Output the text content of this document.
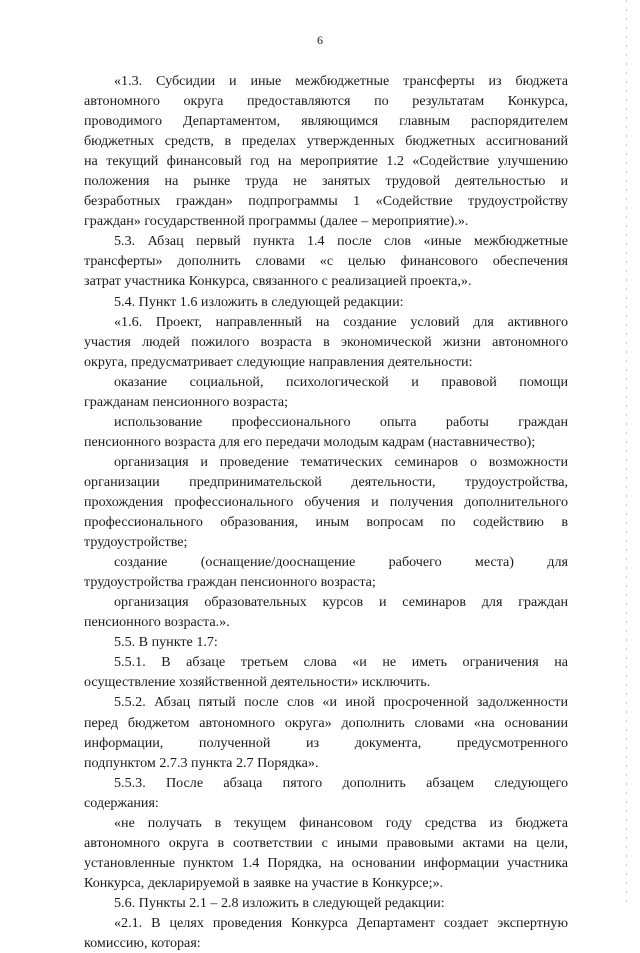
6
«1.3. Субсидии и иные межбюджетные трансферты из бюджета
автономного округа предоставляются по результатам Конкурса,
проводимого Департаментом, являющимся главным распорядителем
бюджетных средств, в пределах утвержденных бюджетных ассигнований
на текущий финансовый год на мероприятие 1.2 «Содействие улучшению
положения на рынке труда не занятых трудовой деятельностью и
безработных граждан» подпрограммы 1 «Содействие трудоустройству
граждан» государственной программы (далее – мероприятие).».
5.3. Абзац первый пункта 1.4 после слов «иные межбюджетные
трансферты» дополнить словами «с целью финансового обеспечения
затрат участника Конкурса, связанного с реализацией проекта,».
5.4. Пункт 1.6 изложить в следующей редакции:
«1.6. Проект, направленный на создание условий для активного
участия людей пожилого возраста в экономической жизни автономного
округа, предусматривает следующие направления деятельности:
оказание социальной, психологической и правовой помощи
гражданам пенсионного возраста;
использование профессионального опыта работы граждан
пенсионного возраста для его передачи молодым кадрам (наставничество);
организация и проведение тематических семинаров о возможности
организации предпринимательской деятельности, трудоустройства,
прохождения профессионального обучения и получения дополнительного
профессионального образования, иным вопросам по содействию в
трудоустройстве;
создание (оснащение/дооснащение рабочего места) для
трудоустройства граждан пенсионного возраста;
организация образовательных курсов и семинаров для граждан
пенсионного возраста.».
5.5. В пункте 1.7:
5.5.1. В абзаце третьем слова «и не иметь ограничения на
осуществление хозяйственной деятельности» исключить.
5.5.2. Абзац пятый после слов «и иной просроченной задолженности
перед бюджетом автономного округа» дополнить словами «на основании
информации, полученной из документа, предусмотренного
подпунктом 2.7.3 пункта 2.7 Порядка».
5.5.3. После абзаца пятого дополнить абзацем следующего
содержания:
«не получать в текущем финансовом году средства из бюджета
автономного округа в соответствии с иными правовыми актами на цели,
установленные пунктом 1.4 Порядка, на основании информации участника
Конкурса, декларируемой в заявке на участие в Конкурсе;».
5.6. Пункты 2.1 – 2.8 изложить в следующей редакции:
«2.1. В целях проведения Конкурса Департамент создает экспертную
комиссию, которая:
